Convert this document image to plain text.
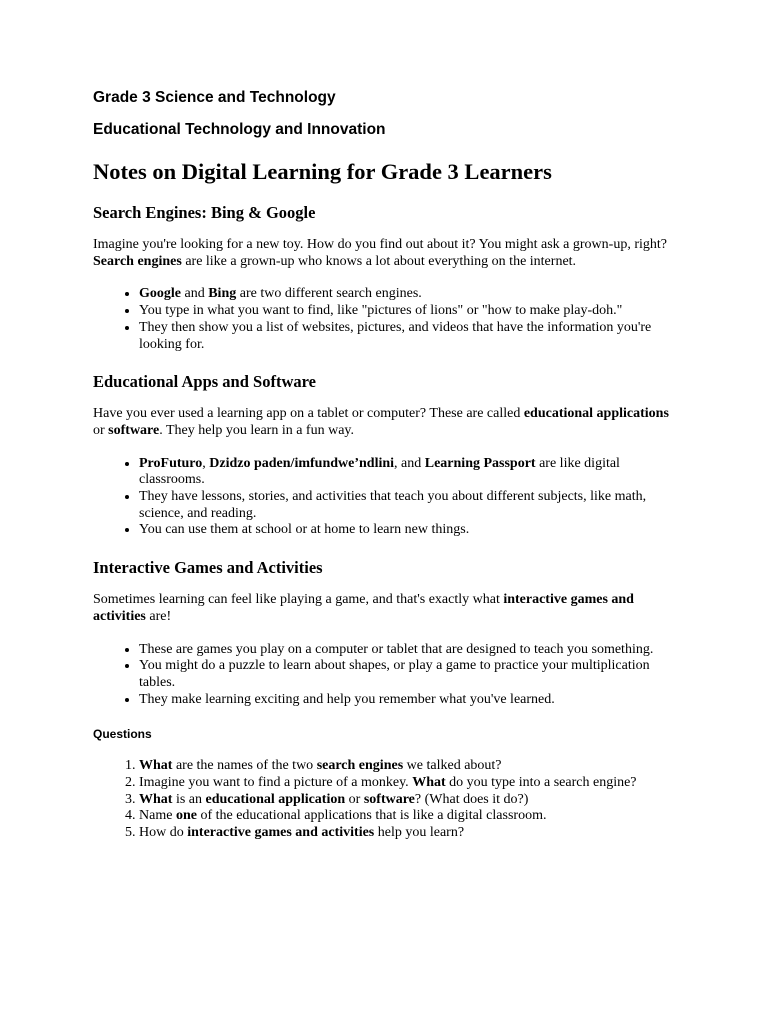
Grade 3 Science and Technology

Educational Technology and Innovation

Notes on Digital Learning for Grade 3 Learners
Search Engines: Bing & Google

Imagine you're looking for a new toy. How do you find out about it? You might ask a grown-up, right? Search engines are like a grown-up who knows a lot about everything on the internet.

• Google and Bing are two different search engines.
• You type in what you want to find, like "pictures of lions" or "how to make play-doh."
• They then show you a list of websites, pictures, and videos that have the information you're looking for.
Educational Apps and Software

Have you ever used a learning app on a tablet or computer? These are called educational applications or software. They help you learn in a fun way.

• ProFuturo, Dzidzo paden/imfundwe’ndlini, and Learning Passport are like digital classrooms.
• They have lessons, stories, and activities that teach you about different subjects, like math, science, and reading.
• You can use them at school or at home to learn new things.
Interactive Games and Activities

Sometimes learning can feel like playing a game, and that's exactly what interactive games and activities are!

• These are games you play on a computer or tablet that are designed to teach you something.
• You might do a puzzle to learn about shapes, or play a game to practice your multiplication tables.
• They make learning exciting and help you remember what you've learned.
Questions
1. What are the names of the two search engines we talked about?
2. Imagine you want to find a picture of a monkey. What do you type into a search engine?
3. What is an educational application or software? (What does it do?)
4. Name one of the educational applications that is like a digital classroom.
5. How do interactive games and activities help you learn?
